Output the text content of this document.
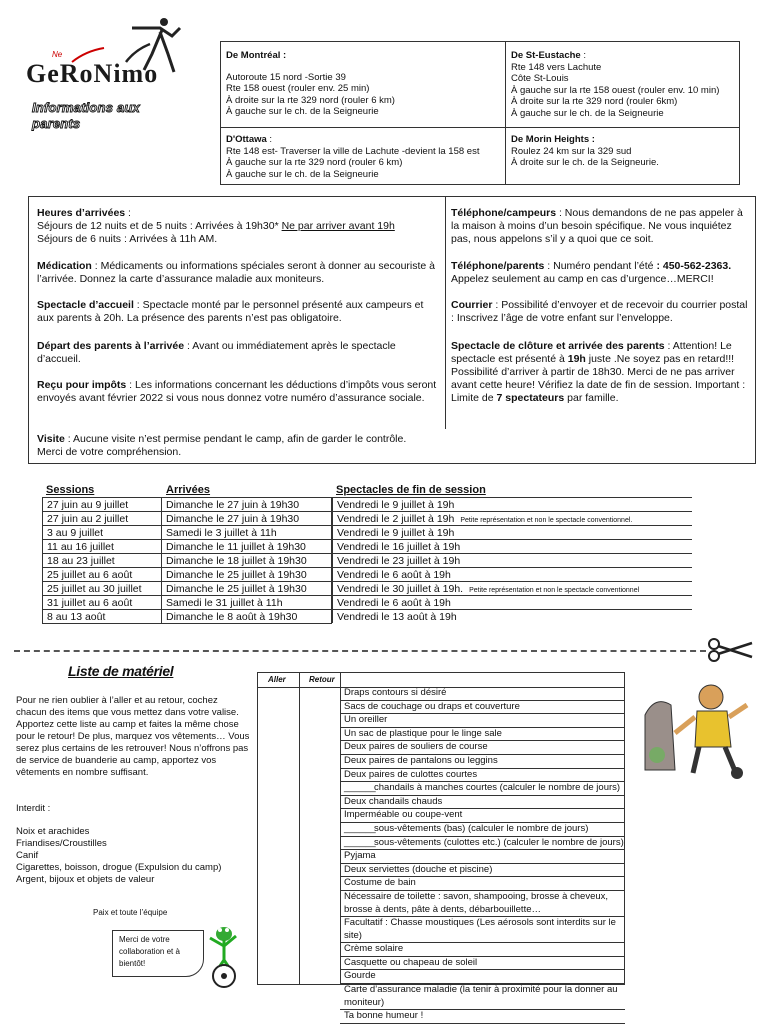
Ne
GeRoNimo
Informations aux parents
De Montréal :
Autoroute 15 nord -Sortie 39
Rte 158 ouest (rouler env. 25 min)
À droite sur la rte 329 nord (rouler 6 km)
À gauche sur le ch. de la Seigneurie
De St-Eustache :
Rte 148 vers Lachute
Côte St-Louis
À gauche sur la rte 158 ouest (rouler env. 10 min)
À droite sur la rte 329 nord (rouler 6km)
À gauche sur le ch. de la Seigneurie
D'Ottawa :
Rte 148 est- Traverser la ville de Lachute -devient la 158 est
À gauche sur la rte 329 nord (rouler 6 km)
À gauche sur le ch. de la Seigneurie
De Morin Heights :
Roulez 24 km sur la 329 sud
À droite sur le ch. de la Seigneurie.

Heures d’arrivées :
Séjours de 12 nuits et de 5 nuits : Arrivées à 19h30* Ne par arriver avant 19h
Séjours de 6 nuits : Arrivées à 11h AM.

Médication : Médicaments ou informations spéciales seront à donner au secouriste à l’arrivée. Donnez la carte d’assurance maladie aux moniteurs.

Spectacle d’accueil : Spectacle monté par le personnel présenté aux campeurs et aux parents à 20h. La présence des parents n’est pas obligatoire.

Départ des parents à l’arrivée : Avant ou immédiatement après le spectacle d’accueil.

Reçu pour impôts : Les informations concernant les déductions d’impôts vous seront envoyés avant février 2022 si vous nous donnez votre numéro d’assurance sociale.

Visite : Aucune visite n’est permise pendant le camp, afin de garder le contrôle. Merci de votre compréhension.

Téléphone/campeurs : Nous demandons de ne pas appeler à la maison à moins d’un besoin spécifique. Ne vous inquiétez pas, nous appelons s’il y a quoi que ce soit.

Téléphone/parents : Numéro pendant l’été : 450-562-2363.
Appelez seulement au camp en cas d’urgence…MERCI!

Courrier : Possibilité d’envoyer et de recevoir du courrier postal : Inscrivez l’âge de votre enfant sur l’enveloppe.

Spectacle de clôture et arrivée des parents : Attention! Le spectacle est présenté à 19h juste .Ne soyez pas en retard!!! Possibilité d’arriver à partir de 18h30. Merci de ne pas arriver avant cette heure! Vérifiez la date de fin de session. Important : Limite de 7 spectateurs par famille.

Sessions
27 juin au 9 juillet
27 juin au 2 juillet
3 au 9 juillet
11 au 16 juillet
18 au 23 juillet
25 juillet au 6 août
25 juillet au 30 juillet
31 juillet au 6 août
8 au 13 août
Arrivées
Dimanche le 27 juin à 19h30
Dimanche le 27 juin à 19h30
Samedi le 3 juillet à 11h
Dimanche le 11 juillet à 19h30
Dimanche le 18 juillet à 19h30
Dimanche le 25 juillet à 19h30
Dimanche le 25 juillet à 19h30
Samedi le 31 juillet à 11h
Dimanche le 8 août à 19h30
Spectacles de fin de session
Vendredi le 9 juillet à 19h
Vendredi le 2 juillet à 19h Petite représentation et non le spectacle conventionnel.
Vendredi le 9 juillet à 19h
Vendredi le 16 juillet à 19h
Vendredi le 23 juillet à 19h
Vendredi le 6 août à 19h
Vendredi le 30 juillet à 19h. Petite représentation et non le spectacle conventionnel
Vendredi le 6 août à 19h
Vendredi le 13 août à 19h
Liste de matériel
Pour ne rien oublier à l’aller et au retour, cochez chacun des items que vous mettez dans votre valise. Apportez cette liste au camp et faites la même chose pour le retour! De plus, marquez vos vêtements… Vous serez plus certains de les retrouver! Nous n’offrons pas de service de buanderie au camp, apportez vos vêtements en nombre suffisant.
Interdit :
Noix et arachides
Friandises/Croustilles
Canif
Cigarettes, boisson, drogue (Expulsion du camp)
Argent, bijoux et objets de valeur
Paix et toute l’équipe
Merci de votre collaboration et à bientôt!
Aller	Retour
Draps contours si désiré
Sacs de couchage ou draps et couverture
Un oreiller
Un sac de plastique pour le linge sale
Deux paires de souliers de course
Deux paires de pantalons ou leggins
Deux paires de culottes courtes
______ chandails à manches courtes (calculer le nombre de jours)
Deux chandails chauds
Imperméable ou coupe-vent
______ sous-vêtements (bas) (calculer le nombre de jours)
______ sous-vêtements (culottes etc.) (calculer le nombre de jours)
Pyjama
Deux serviettes (douche et piscine)
Costume de bain
Nécessaire de toilette : savon, shampooing, brosse à cheveux, brosse à dents, pâte à dents, débarbouillette…
Facultatif : Chasse moustiques (Les aérosols sont interdits sur le site)
Crème solaire
Casquette ou chapeau de soleil
Gourde
Carte d’assurance maladie (la tenir à proximité pour la donner au moniteur)
Ta bonne humeur !
